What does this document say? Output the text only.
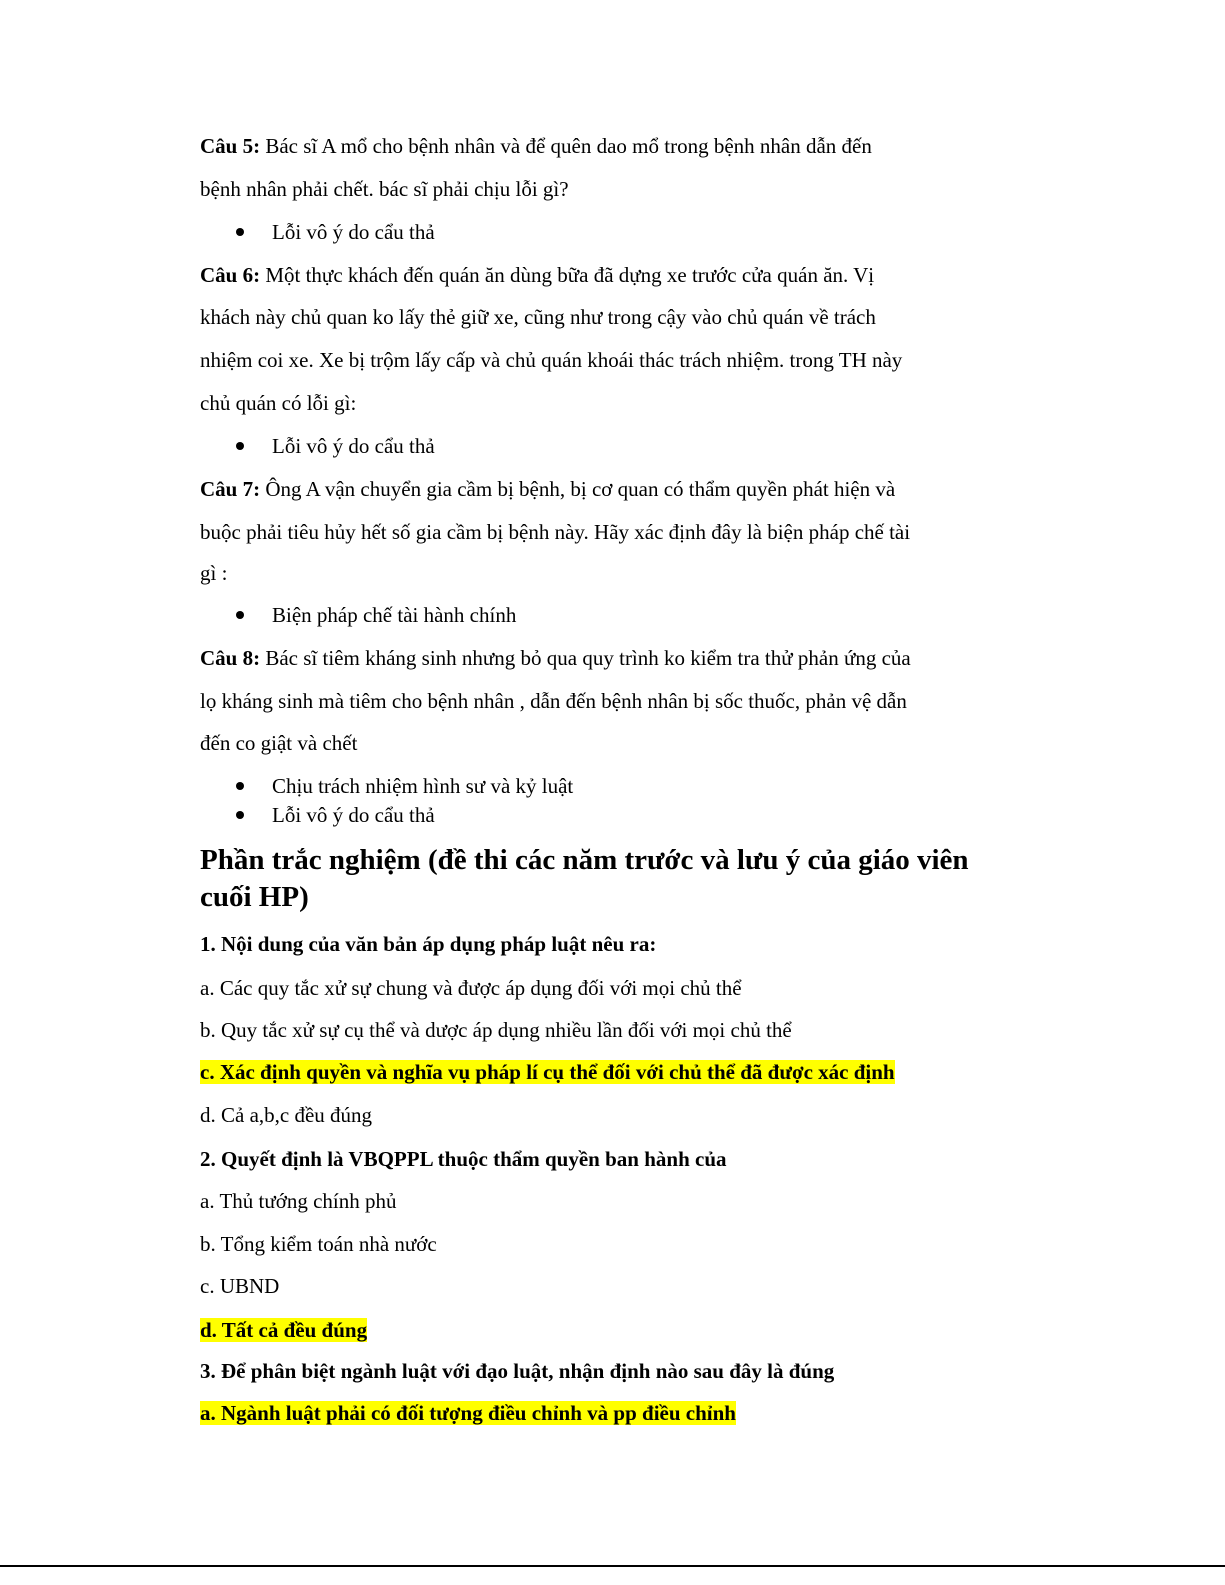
Câu 5: Bác sĩ A mổ cho bệnh nhân và để quên dao mổ trong bệnh nhân dẫn đến
bệnh nhân phải chết. bác sĩ phải chịu lỗi gì?
Lỗi vô ý do cẩu thả
Câu 6: Một thực khách đến quán ăn dùng bữa đã dựng xe trước cửa quán ăn. Vị
khách này chủ quan ko lấy thẻ giữ xe, cũng như trong cậy vào chủ quán về trách
nhiệm coi xe. Xe bị trộm lấy cấp và chủ quán khoái thác trách nhiệm. trong TH này
chủ quán có lỗi gì:
Lỗi vô ý do cẩu thả
Câu 7: Ông A vận chuyển gia cầm bị bệnh, bị cơ quan có thẩm quyền phát hiện và
buộc phải tiêu hủy hết số gia cầm bị bệnh này. Hãy xác định đây là biện pháp chế tài
gì :
Biện pháp chế tài hành chính
Câu 8: Bác sĩ tiêm kháng sinh nhưng bỏ qua quy trình ko kiểm tra thử phản ứng của
lọ kháng sinh mà tiêm cho bệnh nhân , dẫn đến bệnh nhân bị sốc thuốc, phản vệ dẫn
đến co giật và chết
Chịu trách nhiệm hình sư và kỷ luật
Lỗi vô ý do cẩu thả
Phần trắc nghiệm (đề thi các năm trước và lưu ý của giáo viên
cuối HP)
1. Nội dung của văn bản áp dụng pháp luật nêu ra:
a. Các quy tắc xử sự chung và được áp dụng đối với mọi chủ thể
b. Quy tắc xử sự cụ thể và dược áp dụng nhiều lần đối với mọi chủ thể
c. Xác định quyền và nghĩa vụ pháp lí cụ thể đối với chủ thể đã được xác định
d. Cả a,b,c đều đúng
2. Quyết định là VBQPPL thuộc thẩm quyền ban hành của
a. Thủ tướng chính phủ
b. Tổng kiểm toán nhà nước
c. UBND
d. Tất cả đều đúng
3. Để phân biệt ngành luật với đạo luật, nhận định nào sau đây là đúng
a. Ngành luật phải có đối tượng điều chỉnh và pp điều chỉnh
